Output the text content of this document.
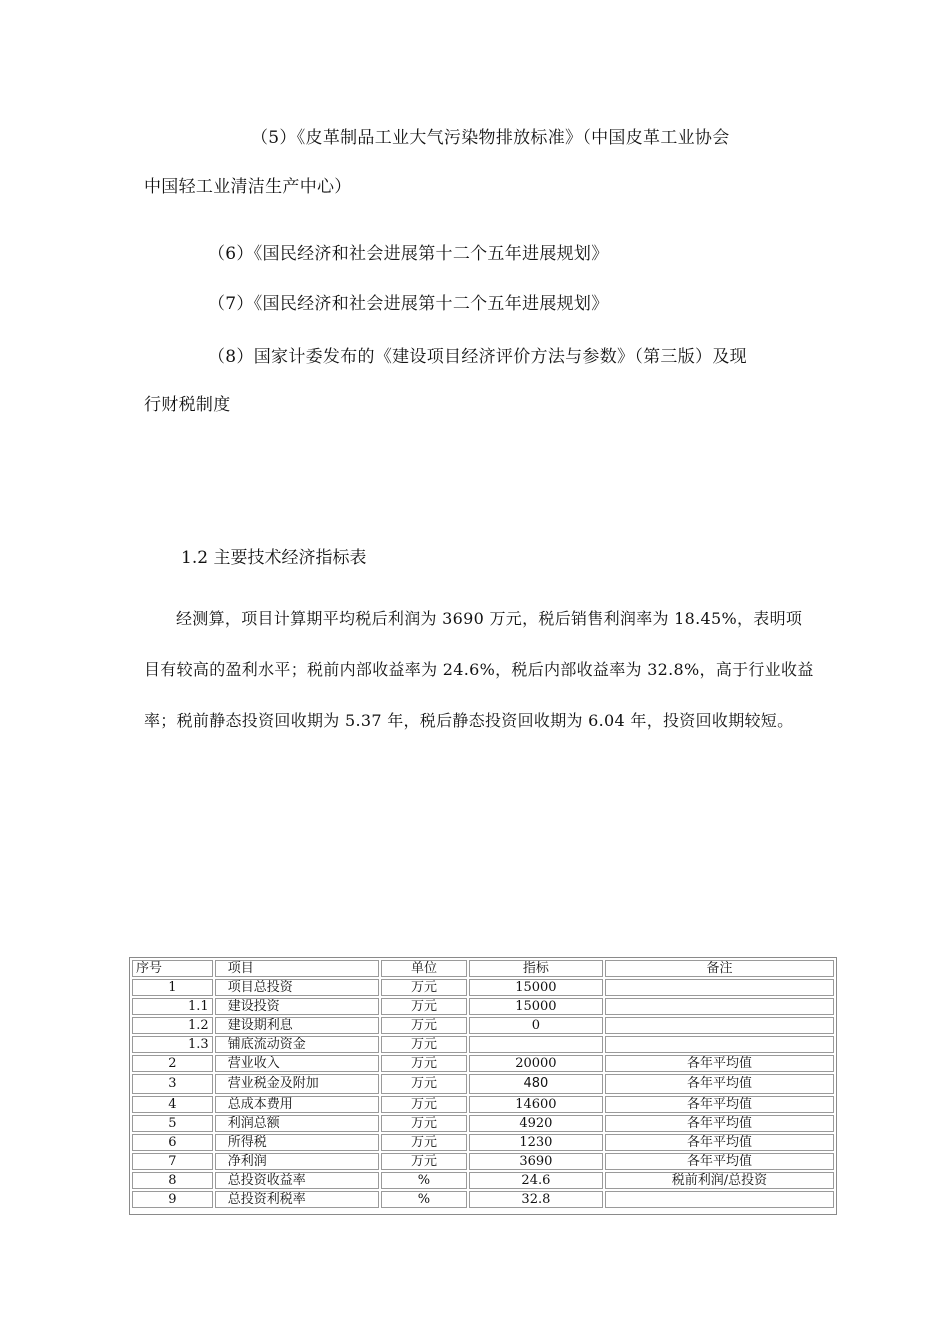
（5）《皮革制品工业大气污染物排放标准》（中国皮革工业协会
中国轻工业清洁生产中心）
（6）《国民经济和社会进展第十二个五年进展规划》
（7）《国民经济和社会进展第十二个五年进展规划》
（8）国家计委发布的《建设项目经济评价方法与参数》（第三版）及现
行财税制度
1.2 主要技术经济指标表
经测算，项目计算期平均税后利润为 3690 万元，税后销售利润率为 18.45%，表明项
目有较高的盈利水平；税前内部收益率为 24.6%，税后内部收益率为 32.8%，高于行业收益
率；税前静态投资回收期为 5.37 年，税后静态投资回收期为 6.04 年，投资回收期较短。
序号	项目	单位	指标	备注
1	项目总投资	万元	15000	
1.1	建设投资	万元	15000	
1.2	建设期利息	万元	0	
1.3	铺底流动资金	万元		
2	营业收入	万元	20000	各年平均值
3	营业税金及附加	万元	480	各年平均值
4	总成本费用	万元	14600	各年平均值
5	利润总额	万元	4920	各年平均值
6	所得税	万元	1230	各年平均值
7	净利润	万元	3690	各年平均值
8	总投资收益率	%	24.6	税前利润/总投资
9	总投资利税率	%	32.8	
